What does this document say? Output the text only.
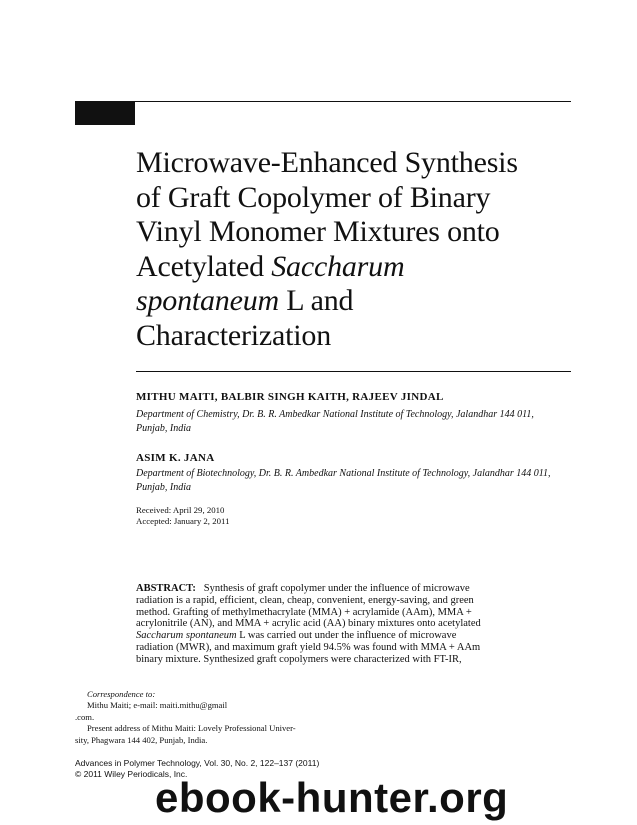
Microwave-Enhanced Synthesis
of Graft Copolymer of Binary
Vinyl Monomer Mixtures onto
Acetylated Saccharum
spontaneum L and
Characterization

MITHU MAITI, BALBIR SINGH KAITH, RAJEEV JINDAL

Department of Chemistry, Dr. B. R. Ambedkar National Institute of Technology, Jalandhar 144 011,
Punjab, India

ASIM K. JANA

Department of Biotechnology, Dr. B. R. Ambedkar National Institute of Technology, Jalandhar 144 011,
Punjab, India

Received: April 29, 2010
Accepted: January 2, 2011

ABSTRACT: Synthesis of graft copolymer under the influence of microwave
radiation is a rapid, efficient, clean, cheap, convenient, energy-saving, and green
method. Grafting of methylmethacrylate (MMA) + acrylamide (AAm), MMA +
acrylonitrile (AN), and MMA + acrylic acid (AA) binary mixtures onto acetylated
Saccharum spontaneum L was carried out under the influence of microwave
radiation (MWR), and maximum graft yield 94.5% was found with MMA + AAm
binary mixture. Synthesized graft copolymers were characterized with FT-IR,

Correspondence to:
Mithu Maiti; e-mail: maiti.mithu@gmail
.com.
Present address of Mithu Maiti: Lovely Professional Univer-
sity, Phagwara 144 402, Punjab, India.

Advances in Polymer Technology, Vol. 30, No. 2, 122–137 (2011)
© 2011 Wiley Periodicals, Inc.

ebook-hunter.org
